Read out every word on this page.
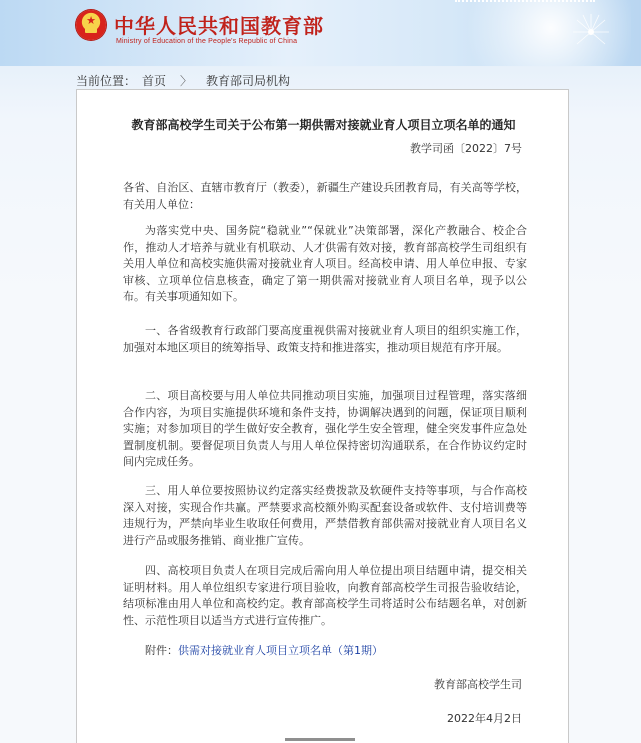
★
中华人民共和国教育部
Ministry of Education of the People's Republic of China
当前位置： 首页 〉 教育部司局机构
教育部高校学生司关于公布第一期供需对接就业育人项目立项名单的通知
教学司函〔2022〕7号

各省、自治区、直辖市教育厅（教委），新疆生产建设兵团教育局，有关高等学校，有关用人单位：

为落实党中央、国务院“稳就业”“保就业”决策部署，深化产教融合、校企合作，推动人才培养与就业有机联动、人才供需有效对接，教育部高校学生司组织有关用人单位和高校实施供需对接就业育人项目。经高校申请、用人单位申报、专家审核、立项单位信息核查，确定了第一期供需对接就业育人项目名单，现予以公布。有关事项通知如下。

一、各省级教育行政部门要高度重视供需对接就业育人项目的组织实施工作，加强对本地区项目的统筹指导、政策支持和推进落实，推动项目规范有序开展。

二、项目高校要与用人单位共同推动项目实施，加强项目过程管理，落实落细合作内容，为项目实施提供环境和条件支持，协调解决遇到的问题，保证项目顺利实施；对参加项目的学生做好安全教育，强化学生安全管理，健全突发事件应急处置制度机制。要督促项目负责人与用人单位保持密切沟通联系，在合作协议约定时间内完成任务。

三、用人单位要按照协议约定落实经费拨款及软硬件支持等事项，与合作高校深入对接，实现合作共赢。严禁要求高校额外购买配套设备或软件、支付培训费等违规行为，严禁向毕业生收取任何费用，严禁借教育部供需对接就业育人项目名义进行产品或服务推销、商业推广宣传。

四、高校项目负责人在项目完成后需向用人单位提出项目结题申请，提交相关证明材料。用人单位组织专家进行项目验收，向教育部高校学生司报告验收结论，结项标准由用人单位和高校约定。教育部高校学生司将适时公布结题名单，对创新性、示范性项目以适当方式进行宣传推广。

附件：供需对接就业育人项目立项名单（第1期）

教育部高校学生司
2022年4月2日
